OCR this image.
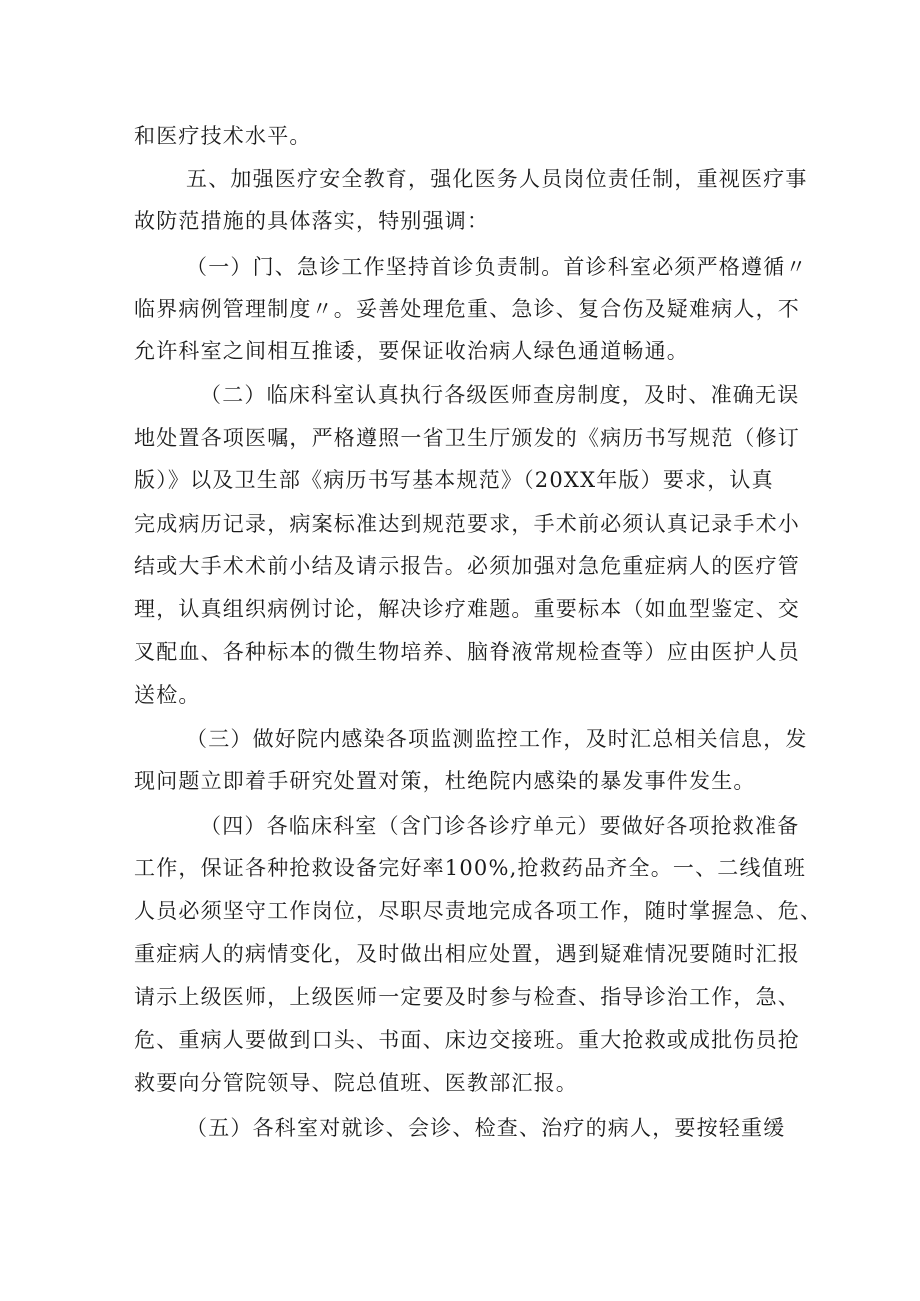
和医疗技术水平。
五、加强医疗安全教育，强化医务人员岗位责任制，重视医疗事
故防范措施的具体落实，特别强调：
（一）门、急诊工作坚持首诊负责制。首诊科室必须严格遵循〃
临界病例管理制度〃。妥善处理危重、急诊、复合伤及疑难病人，不
允许科室之间相互推诿，要保证收治病人绿色通道畅通。
（二）临床科室认真执行各级医师查房制度，及时、准确无误
地处置各项医嘱，严格遵照一省卫生厅颁发的《病历书写规范（修订
版）》以及卫生部《病历书写基本规范》（20XX年版）要求，认真
完成病历记录，病案标准达到规范要求，手术前必须认真记录手术小
结或大手术术前小结及请示报告。必须加强对急危重症病人的医疗管
理，认真组织病例讨论，解决诊疗难题。重要标本（如血型鉴定、交
叉配血、各种标本的微生物培养、脑脊液常规检查等）应由医护人员
送检。
（三）做好院内感染各项监测监控工作，及时汇总相关信息，发
现问题立即着手研究处置对策，杜绝院内感染的暴发事件发生。
（四）各临床科室（含门诊各诊疗单元）要做好各项抢救准备
工作，保证各种抢救设备完好率100%,抢救药品齐全。一、二线值班
人员必须坚守工作岗位，尽职尽责地完成各项工作，随时掌握急、危、
重症病人的病情变化，及时做出相应处置，遇到疑难情况要随时汇报
请示上级医师，上级医师一定要及时参与检查、指导诊治工作，急、
危、重病人要做到口头、书面、床边交接班。重大抢救或成批伤员抢
救要向分管院领导、院总值班、医教部汇报。
（五）各科室对就诊、会诊、检查、治疗的病人，要按轻重缓
